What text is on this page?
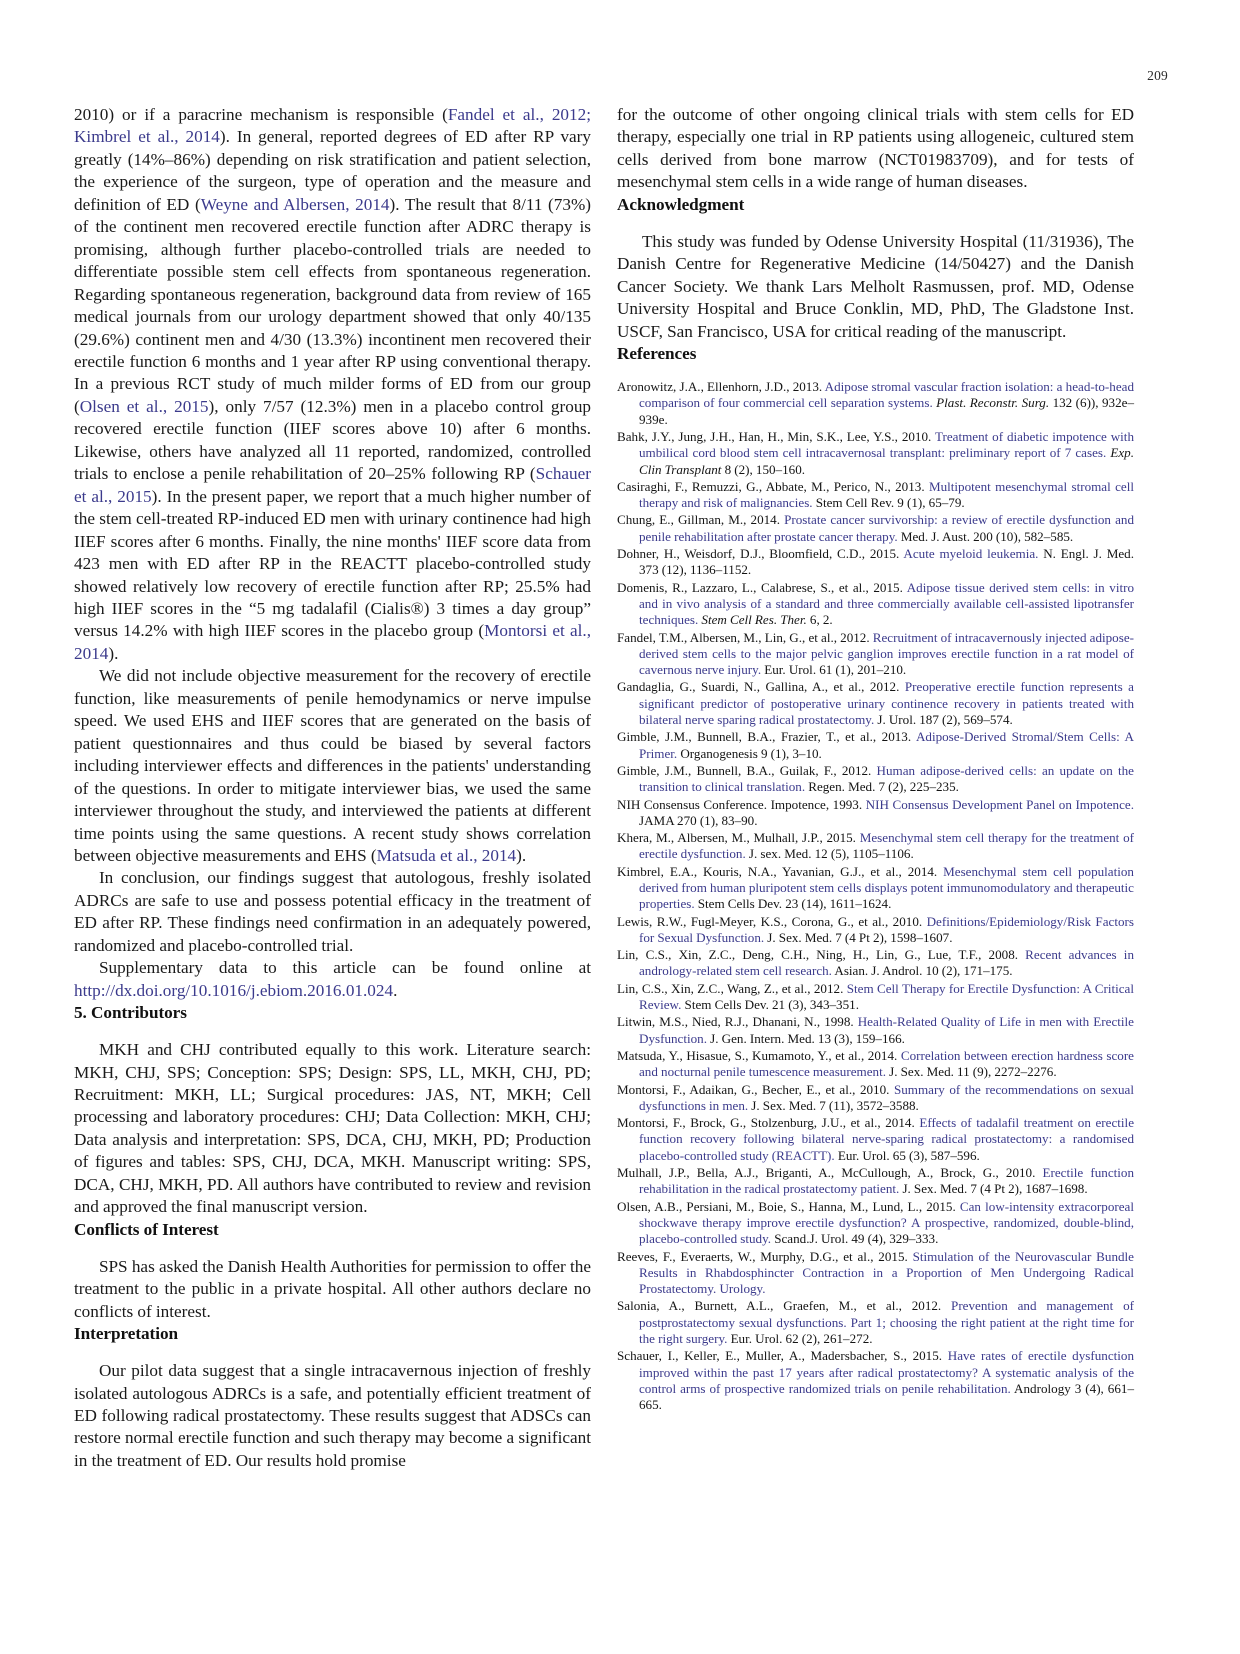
209

2010) or if a paracrine mechanism is responsible (Fandel et al., 2012; Kimbrel et al., 2014). In general, reported degrees of ED after RP vary greatly (14%–86%) depending on risk stratification and patient selection, the experience of the surgeon, type of operation and the measure and definition of ED (Weyne and Albersen, 2014). The result that 8/11 (73%) of the continent men recovered erectile function after ADRC therapy is promising, although further placebo-controlled trials are needed to differentiate possible stem cell effects from spontaneous regeneration. Regarding spontaneous regeneration, background data from review of 165 medical journals from our urology department showed that only 40/135 (29.6%) continent men and 4/30 (13.3%) incontinent men recovered their erectile function 6 months and 1 year after RP using conventional therapy. In a previous RCT study of much milder forms of ED from our group (Olsen et al., 2015), only 7/57 (12.3%) men in a placebo control group recovered erectile function (IIEF scores above 10) after 6 months. Likewise, others have analyzed all 11 reported, randomized, controlled trials to enclose a penile rehabilitation of 20–25% following RP (Schauer et al., 2015). In the present paper, we report that a much higher number of the stem cell-treated RP-induced ED men with urinary continence had high IIEF scores after 6 months. Finally, the nine months' IIEF score data from 423 men with ED after RP in the REACTT placebo-controlled study showed relatively low recovery of erectile function after RP; 25.5% had high IIEF scores in the “5 mg tadalafil (Cialis®) 3 times a day group” versus 14.2% with high IIEF scores in the placebo group (Montorsi et al., 2014).

We did not include objective measurement for the recovery of erectile function, like measurements of penile hemodynamics or nerve impulse speed. We used EHS and IIEF scores that are generated on the basis of patient questionnaires and thus could be biased by several factors including interviewer effects and differences in the patients' understanding of the questions. In order to mitigate interviewer bias, we used the same interviewer throughout the study, and interviewed the patients at different time points using the same questions. A recent study shows correlation between objective measurements and EHS (Matsuda et al., 2014).

In conclusion, our findings suggest that autologous, freshly isolated ADRCs are safe to use and possess potential efficacy in the treatment of ED after RP. These findings need confirmation in an adequately powered, randomized and placebo-controlled trial.

Supplementary data to this article can be found online at http://dx.doi.org/10.1016/j.ebiom.2016.01.024.

5. Contributors

MKH and CHJ contributed equally to this work. Literature search: MKH, CHJ, SPS; Conception: SPS; Design: SPS, LL, MKH, CHJ, PD; Recruitment: MKH, LL; Surgical procedures: JAS, NT, MKH; Cell processing and laboratory procedures: CHJ; Data Collection: MKH, CHJ; Data analysis and interpretation: SPS, DCA, CHJ, MKH, PD; Production of figures and tables: SPS, CHJ, DCA, MKH. Manuscript writing: SPS, DCA, CHJ, MKH, PD. All authors have contributed to review and revision and approved the final manuscript version.

Conflicts of Interest

SPS has asked the Danish Health Authorities for permission to offer the treatment to the public in a private hospital. All other authors declare no conflicts of interest.

Interpretation

Our pilot data suggest that a single intracavernous injection of freshly isolated autologous ADRCs is a safe, and potentially efficient treatment of ED following radical prostatectomy. These results suggest that ADSCs can restore normal erectile function and such therapy may become a significant in the treatment of ED. Our results hold promise

for the outcome of other ongoing clinical trials with stem cells for ED therapy, especially one trial in RP patients using allogeneic, cultured stem cells derived from bone marrow (NCT01983709), and for tests of mesenchymal stem cells in a wide range of human diseases.

Acknowledgment

This study was funded by Odense University Hospital (11/31936), The Danish Centre for Regenerative Medicine (14/50427) and the Danish Cancer Society. We thank Lars Melholt Rasmussen, prof. MD, Odense University Hospital and Bruce Conklin, MD, PhD, The Gladstone Inst. USCF, San Francisco, USA for critical reading of the manuscript.

References
Aronowitz, J.A., Ellenhorn, J.D., 2013. Adipose stromal vascular fraction isolation: a head-to-head comparison of four commercial cell separation systems. Plast. Reconstr. Surg. 132 (6)), 932e–939e.
Bahk, J.Y., Jung, J.H., Han, H., Min, S.K., Lee, Y.S., 2010. Treatment of diabetic impotence with umbilical cord blood stem cell intracavernosal transplant: preliminary report of 7 cases. Exp. Clin Transplant 8 (2), 150–160.
Casiraghi, F., Remuzzi, G., Abbate, M., Perico, N., 2013. Multipotent mesenchymal stromal cell therapy and risk of malignancies. Stem Cell Rev. 9 (1), 65–79.
Chung, E., Gillman, M., 2014. Prostate cancer survivorship: a review of erectile dysfunction and penile rehabilitation after prostate cancer therapy. Med. J. Aust. 200 (10), 582–585.
Dohner, H., Weisdorf, D.J., Bloomfield, C.D., 2015. Acute myeloid leukemia. N. Engl. J. Med. 373 (12), 1136–1152.
Domenis, R., Lazzaro, L., Calabrese, S., et al., 2015. Adipose tissue derived stem cells: in vitro and in vivo analysis of a standard and three commercially available cell-assisted lipotransfer techniques. Stem Cell Res. Ther. 6, 2.
Fandel, T.M., Albersen, M., Lin, G., et al., 2012. Recruitment of intracavernously injected adipose-derived stem cells to the major pelvic ganglion improves erectile function in a rat model of cavernous nerve injury. Eur. Urol. 61 (1), 201–210.
Gandaglia, G., Suardi, N., Gallina, A., et al., 2012. Preoperative erectile function represents a significant predictor of postoperative urinary continence recovery in patients treated with bilateral nerve sparing radical prostatectomy. J. Urol. 187 (2), 569–574.
Gimble, J.M., Bunnell, B.A., Frazier, T., et al., 2013. Adipose-Derived Stromal/Stem Cells: A Primer. Organogenesis 9 (1), 3–10.
Gimble, J.M., Bunnell, B.A., Guilak, F., 2012. Human adipose-derived cells: an update on the transition to clinical translation. Regen. Med. 7 (2), 225–235.
NIH Consensus Conference. Impotence, 1993. NIH Consensus Development Panel on Impotence. JAMA 270 (1), 83–90.
Khera, M., Albersen, M., Mulhall, J.P., 2015. Mesenchymal stem cell therapy for the treatment of erectile dysfunction. J. sex. Med. 12 (5), 1105–1106.
Kimbrel, E.A., Kouris, N.A., Yavanian, G.J., et al., 2014. Mesenchymal stem cell population derived from human pluripotent stem cells displays potent immunomodulatory and therapeutic properties. Stem Cells Dev. 23 (14), 1611–1624.
Lewis, R.W., Fugl-Meyer, K.S., Corona, G., et al., 2010. Definitions/Epidemiology/Risk Factors for Sexual Dysfunction. J. Sex. Med. 7 (4 Pt 2), 1598–1607.
Lin, C.S., Xin, Z.C., Deng, C.H., Ning, H., Lin, G., Lue, T.F., 2008. Recent advances in andrology-related stem cell research. Asian. J. Androl. 10 (2), 171–175.
Lin, C.S., Xin, Z.C., Wang, Z., et al., 2012. Stem Cell Therapy for Erectile Dysfunction: A Critical Review. Stem Cells Dev. 21 (3), 343–351.
Litwin, M.S., Nied, R.J., Dhanani, N., 1998. Health-Related Quality of Life in men with Erectile Dysfunction. J. Gen. Intern. Med. 13 (3), 159–166.
Matsuda, Y., Hisasue, S., Kumamoto, Y., et al., 2014. Correlation between erection hardness score and nocturnal penile tumescence measurement. J. Sex. Med. 11 (9), 2272–2276.
Montorsi, F., Adaikan, G., Becher, E., et al., 2010. Summary of the recommendations on sexual dysfunctions in men. J. Sex. Med. 7 (11), 3572–3588.
Montorsi, F., Brock, G., Stolzenburg, J.U., et al., 2014. Effects of tadalafil treatment on erectile function recovery following bilateral nerve-sparing radical prostatectomy: a randomised placebo-controlled study (REACTT). Eur. Urol. 65 (3), 587–596.
Mulhall, J.P., Bella, A.J., Briganti, A., McCullough, A., Brock, G., 2010. Erectile function rehabilitation in the radical prostatectomy patient. J. Sex. Med. 7 (4 Pt 2), 1687–1698.
Olsen, A.B., Persiani, M., Boie, S., Hanna, M., Lund, L., 2015. Can low-intensity extracorporeal shockwave therapy improve erectile dysfunction? A prospective, randomized, double-blind, placebo-controlled study. Scand.J. Urol. 49 (4), 329–333.
Reeves, F., Everaerts, W., Murphy, D.G., et al., 2015. Stimulation of the Neurovascular Bundle Results in Rhabdosphincter Contraction in a Proportion of Men Undergoing Radical Prostatectomy. Urology.
Salonia, A., Burnett, A.L., Graefen, M., et al., 2012. Prevention and management of postprostatectomy sexual dysfunctions. Part 1; choosing the right patient at the right time for the right surgery. Eur. Urol. 62 (2), 261–272.
Schauer, I., Keller, E., Muller, A., Madersbacher, S., 2015. Have rates of erectile dysfunction improved within the past 17 years after radical prostatectomy? A systematic analysis of the control arms of prospective randomized trials on penile rehabilitation. Andrology 3 (4), 661–665.
